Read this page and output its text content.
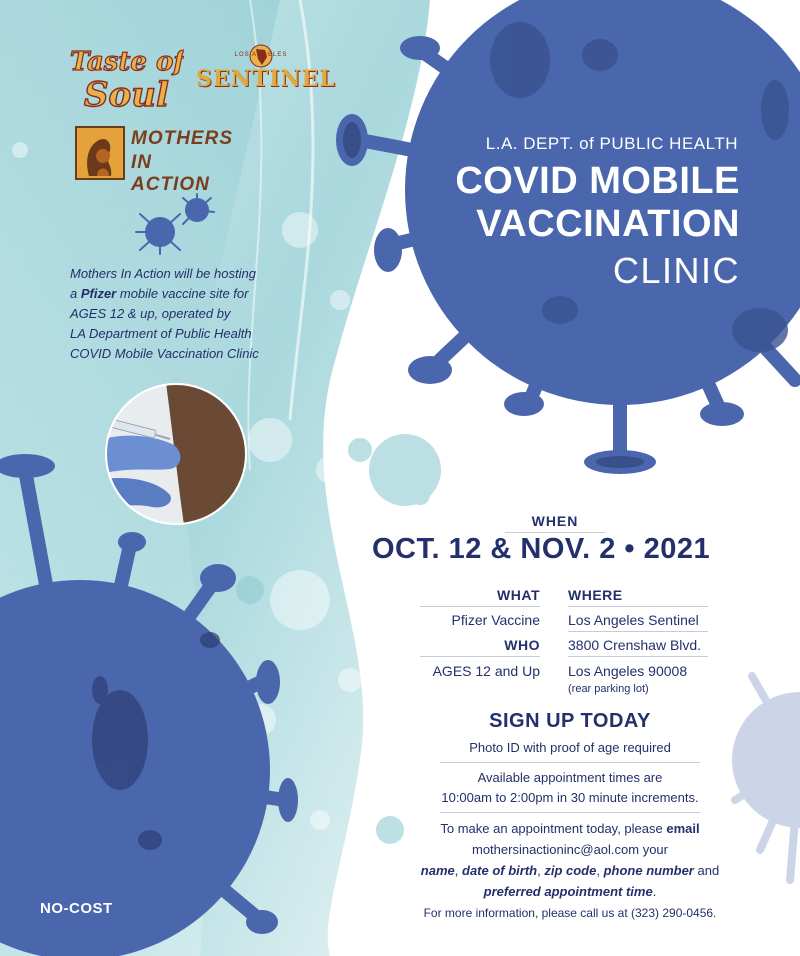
Taste of
Soul
LOS ANGELES
SENTINEL
MOTHERS
IN ACTION
L.A. DEPT. of PUBLIC HEALTH
COVID MOBILE
VACCINATION
CLINIC
Mothers In Action will be hosting
a Pfizer mobile vaccine site for
AGES 12 & up, operated by
LA Department of Public Health
COVID Mobile Vaccination Clinic
WHEN
OCT. 12 & NOV. 2 • 2021
WHAT
Pfizer Vaccine
WHO
AGES 12 and Up
WHERE
Los Angeles Sentinel
3800 Crenshaw Blvd.
Los Angeles 90008
(rear parking lot)
SIGN UP TODAY
Photo ID with proof of age required
Available appointment times are
10:00am to 2:00pm in 30 minute increments.
To make an appointment today, please email
mothersinactioninc@aol.com your
name, date of birth, zip code, phone number and
preferred appointment time.
For more information, please call us at (323) 290-0456.
NO-COST
